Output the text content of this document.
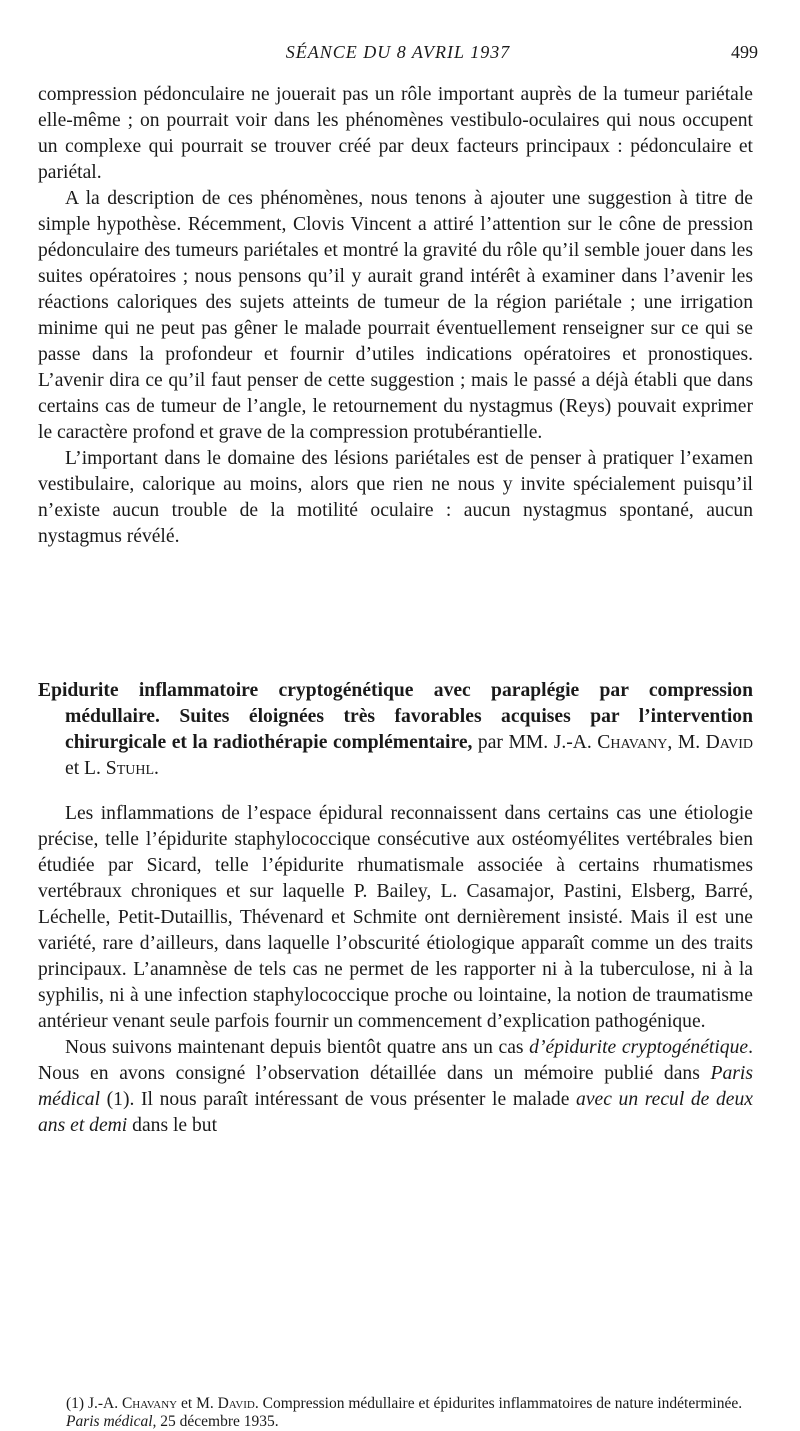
SÉANCE DU 8 AVRIL 1937	499

compression pédonculaire ne jouerait pas un rôle important auprès de la tumeur pariétale elle-même ; on pourrait voir dans les phénomènes vestibulo-oculaires qui nous occupent un complexe qui pourrait se trouver créé par deux facteurs principaux : pédonculaire et pariétal.

A la description de ces phénomènes, nous tenons à ajouter une suggestion à titre de simple hypothèse. Récemment, Clovis Vincent a attiré l’attention sur le cône de pression pédonculaire des tumeurs pariétales et montré la gravité du rôle qu’il semble jouer dans les suites opératoires ; nous pensons qu’il y aurait grand intérêt à examiner dans l’avenir les réactions caloriques des sujets atteints de tumeur de la région pariétale ; une irrigation minime qui ne peut pas gêner le malade pourrait éventuellement renseigner sur ce qui se passe dans la profondeur et fournir d’utiles indications opératoires et pronostiques. L’avenir dira ce qu’il faut penser de cette suggestion ; mais le passé a déjà établi que dans certains cas de tumeur de l’angle, le retournement du nystagmus (Reys) pouvait exprimer le caractère profond et grave de la compression protubérantielle.

L’important dans le domaine des lésions pariétales est de penser à pratiquer l’examen vestibulaire, calorique au moins, alors que rien ne nous y invite spécialement puisqu’il n’existe aucun trouble de la motilité oculaire : aucun nystagmus spontané, aucun nystagmus révélé.

Epidurite inflammatoire cryptogénétique avec paraplégie par compression médullaire. Suites éloignées très favorables acquises par l’intervention chirurgicale et la radiothérapie complémentaire, par MM. J.-A. Chavany, M. David et L. Stuhl.

Les inflammations de l’espace épidural reconnaissent dans certains cas une étiologie précise, telle l’épidurite staphylococcique consécutive aux ostéomyélites vertébrales bien étudiée par Sicard, telle l’épidurite rhumatismale associée à certains rhumatismes vertébraux chroniques et sur laquelle P. Bailey, L. Casamajor, Pastini, Elsberg, Barré, Léchelle, Petit-Dutaillis, Thévenard et Schmite ont dernièrement insisté. Mais il est une variété, rare d’ailleurs, dans laquelle l’obscurité étiologique apparaît comme un des traits principaux. L’anamnèse de tels cas ne permet de les rapporter ni à la tuberculose, ni à la syphilis, ni à une infection staphylococcique proche ou lointaine, la notion de traumatisme antérieur venant seule parfois fournir un commencement d’explication pathogénique.

Nous suivons maintenant depuis bientôt quatre ans un cas d’épidurite cryptogénétique. Nous en avons consigné l’observation détaillée dans un mémoire publié dans Paris médical (1). Il nous paraît intéressant de vous présenter le malade avec un recul de deux ans et demi dans le but

(1) J.-A. Chavany et M. David. Compression médullaire et épidurites inflammatoires de nature indéterminée. Paris médical, 25 décembre 1935.
